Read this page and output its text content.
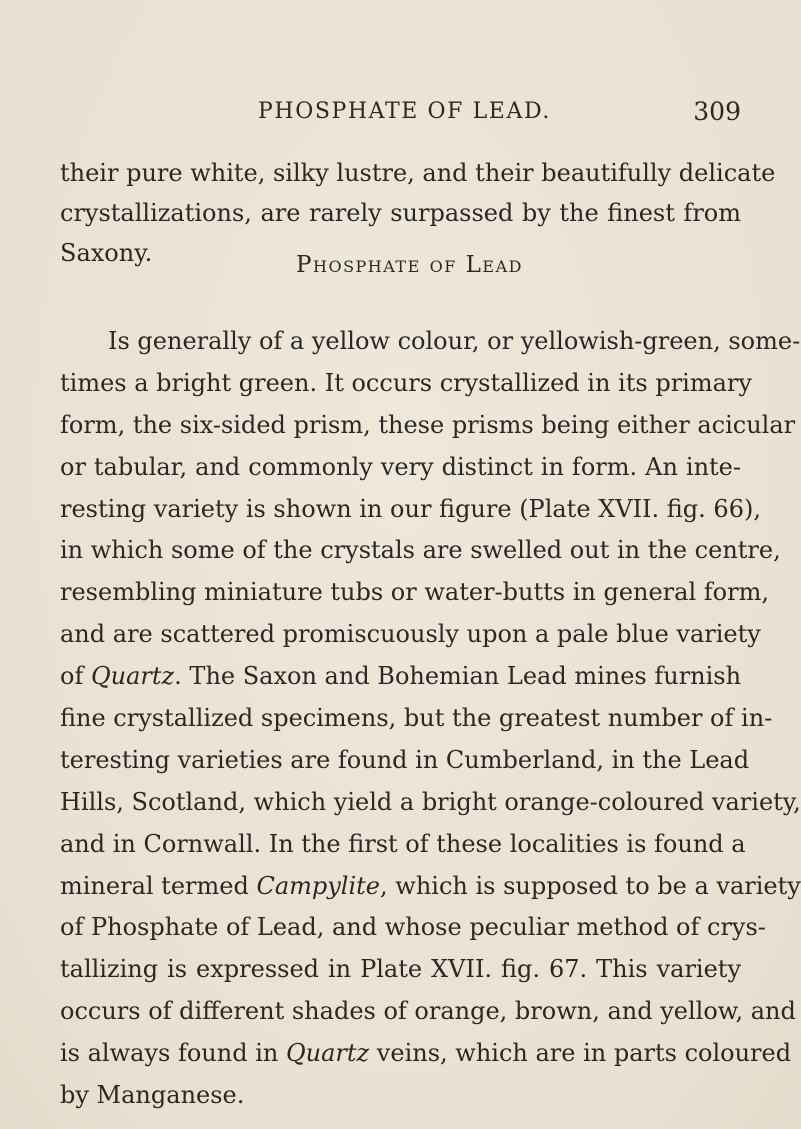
PHOSPHATE OF LEAD.	309
their pure white, silky lustre, and their beautifully delicate
crystallizations, are rarely surpassed by the finest from
Saxony.	Phosphate of Lead
Is generally of a yellow colour, or yellowish-green, some-
times a bright green. It occurs crystallized in its primary
form, the six-sided prism, these prisms being either acicular
or tabular, and commonly very distinct in form. An inte-
resting variety is shown in our figure (Plate XVII. fig. 66),
in which some of the crystals are swelled out in the centre,
resembling miniature tubs or water-butts in general form,
and are scattered promiscuously upon a pale blue variety
of Quartz. The Saxon and Bohemian Lead mines furnish
fine crystallized specimens, but the greatest number of in-
teresting varieties are found in Cumberland, in the Lead
Hills, Scotland, which yield a bright orange-coloured variety,
and in Cornwall. In the first of these localities is found a
mineral termed Campylite, which is supposed to be a variety
of Phosphate of Lead, and whose peculiar method of crys-
tallizing is expressed in Plate XVII. fig. 67. This variety
occurs of different shades of orange, brown, and yellow, and
is always found in Quartz veins, which are in parts coloured
by Manganese.
